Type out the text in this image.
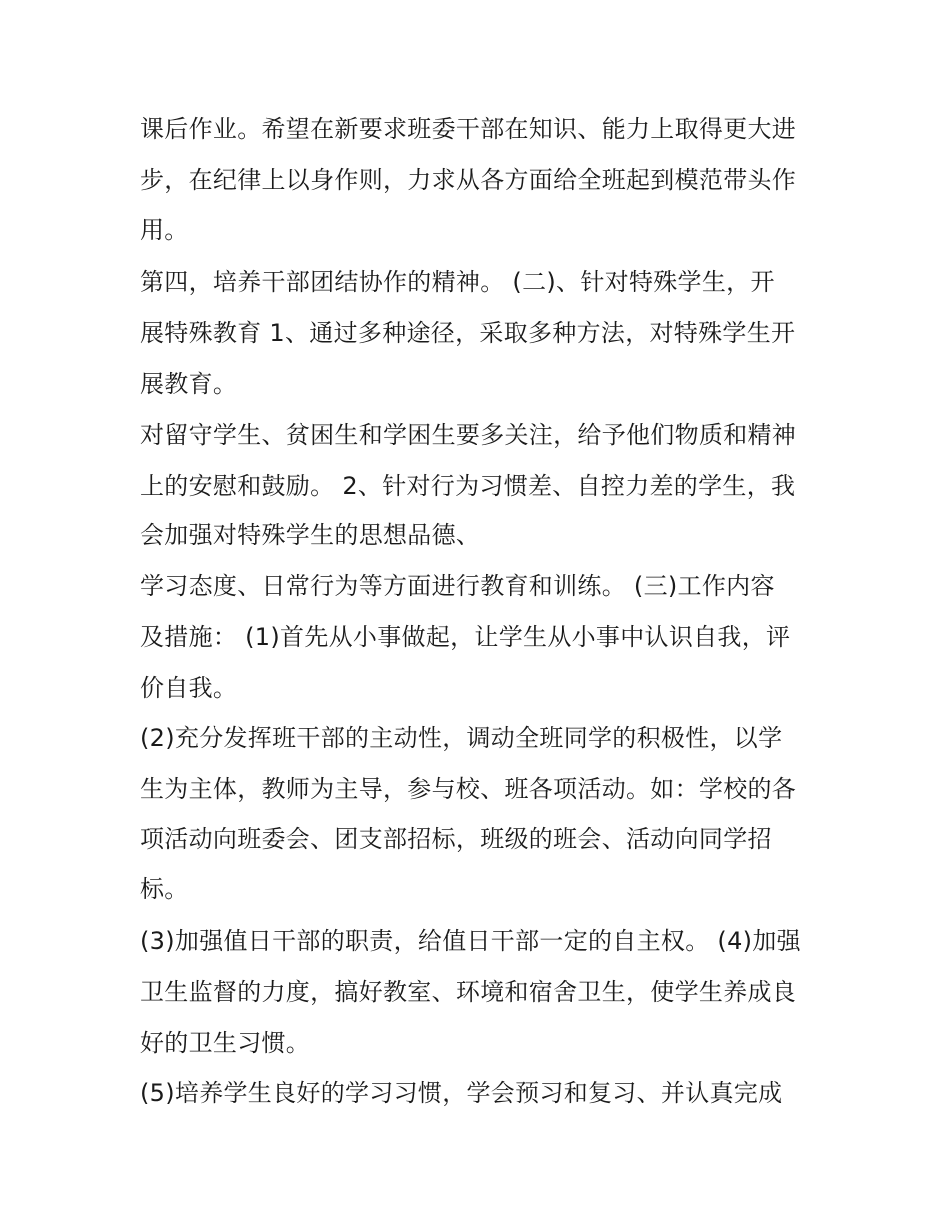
课后作业。希望在新要求班委干部在知识、能力上取得更大进
步，在纪律上以身作则，力求从各方面给全班起到模范带头作
用。
第四，培养干部团结协作的精神。 (二)、针对特殊学生，开
展特殊教育 1、通过多种途径，采取多种方法，对特殊学生开
展教育。
对留守学生、贫困生和学困生要多关注，给予他们物质和精神
上的安慰和鼓励。 2、针对行为习惯差、自控力差的学生，我
会加强对特殊学生的思想品德、
学习态度、日常行为等方面进行教育和训练。 (三)工作内容
及措施： (1)首先从小事做起，让学生从小事中认识自我，评
价自我。
(2)充分发挥班干部的主动性，调动全班同学的积极性，以学
生为主体，教师为主导，参与校、班各项活动。如：学校的各
项活动向班委会、团支部招标，班级的班会、活动向同学招
标。
(3)加强值日干部的职责，给值日干部一定的自主权。 (4)加强
卫生监督的力度，搞好教室、环境和宿舍卫生，使学生养成良
好的卫生习惯。
(5)培养学生良好的学习习惯，学会预习和复习、并认真完成
